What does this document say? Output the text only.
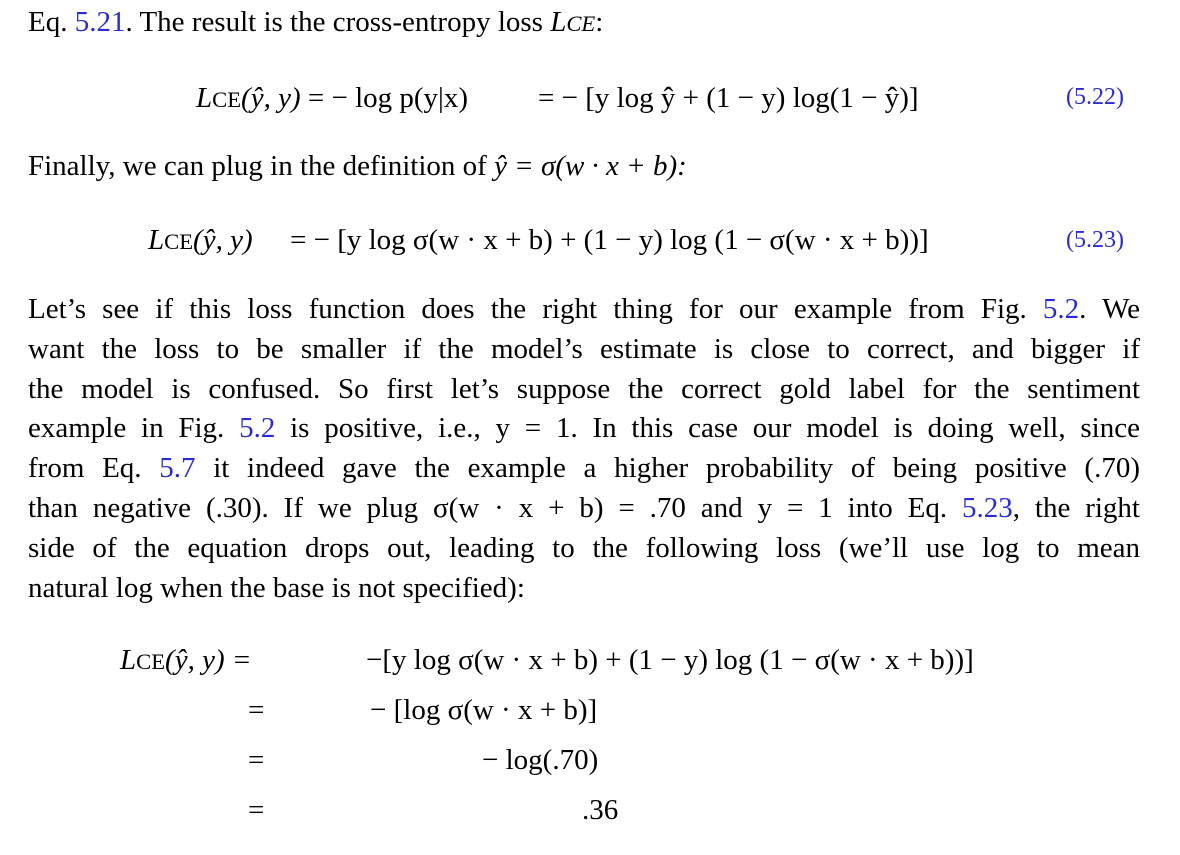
Eq. 5.21. The result is the cross-entropy loss LCE:
LCE(ŷ, y) = − log p(y|x) = − [y log ŷ + (1 − y) log(1 − ŷ)]	(5.22)
Finally, we can plug in the definition of ŷ = σ(w · x + b):
LCE(ŷ, y) = − [y log σ(w · x + b) + (1 − y) log (1 − σ(w · x + b))]	(5.23)
Let’s see if this loss function does the right thing for our example from Fig. 5.2. We
want the loss to be smaller if the model’s estimate is close to correct, and bigger if
the model is confused. So first let’s suppose the correct gold label for the sentiment
example in Fig. 5.2 is positive, i.e., y = 1. In this case our model is doing well, since
from Eq. 5.7 it indeed gave the example a higher probability of being positive (.70)
than negative (.30). If we plug σ(w · x + b) = .70 and y = 1 into Eq. 5.23, the right
side of the equation drops out, leading to the following loss (we’ll use log to mean
natural log when the base is not specified):
LCE(ŷ, y) =	−[y log σ(w · x + b) + (1 − y) log (1 − σ(w · x + b))]
=	− [log σ(w · x + b)]
=	− log(.70)
=	.36
